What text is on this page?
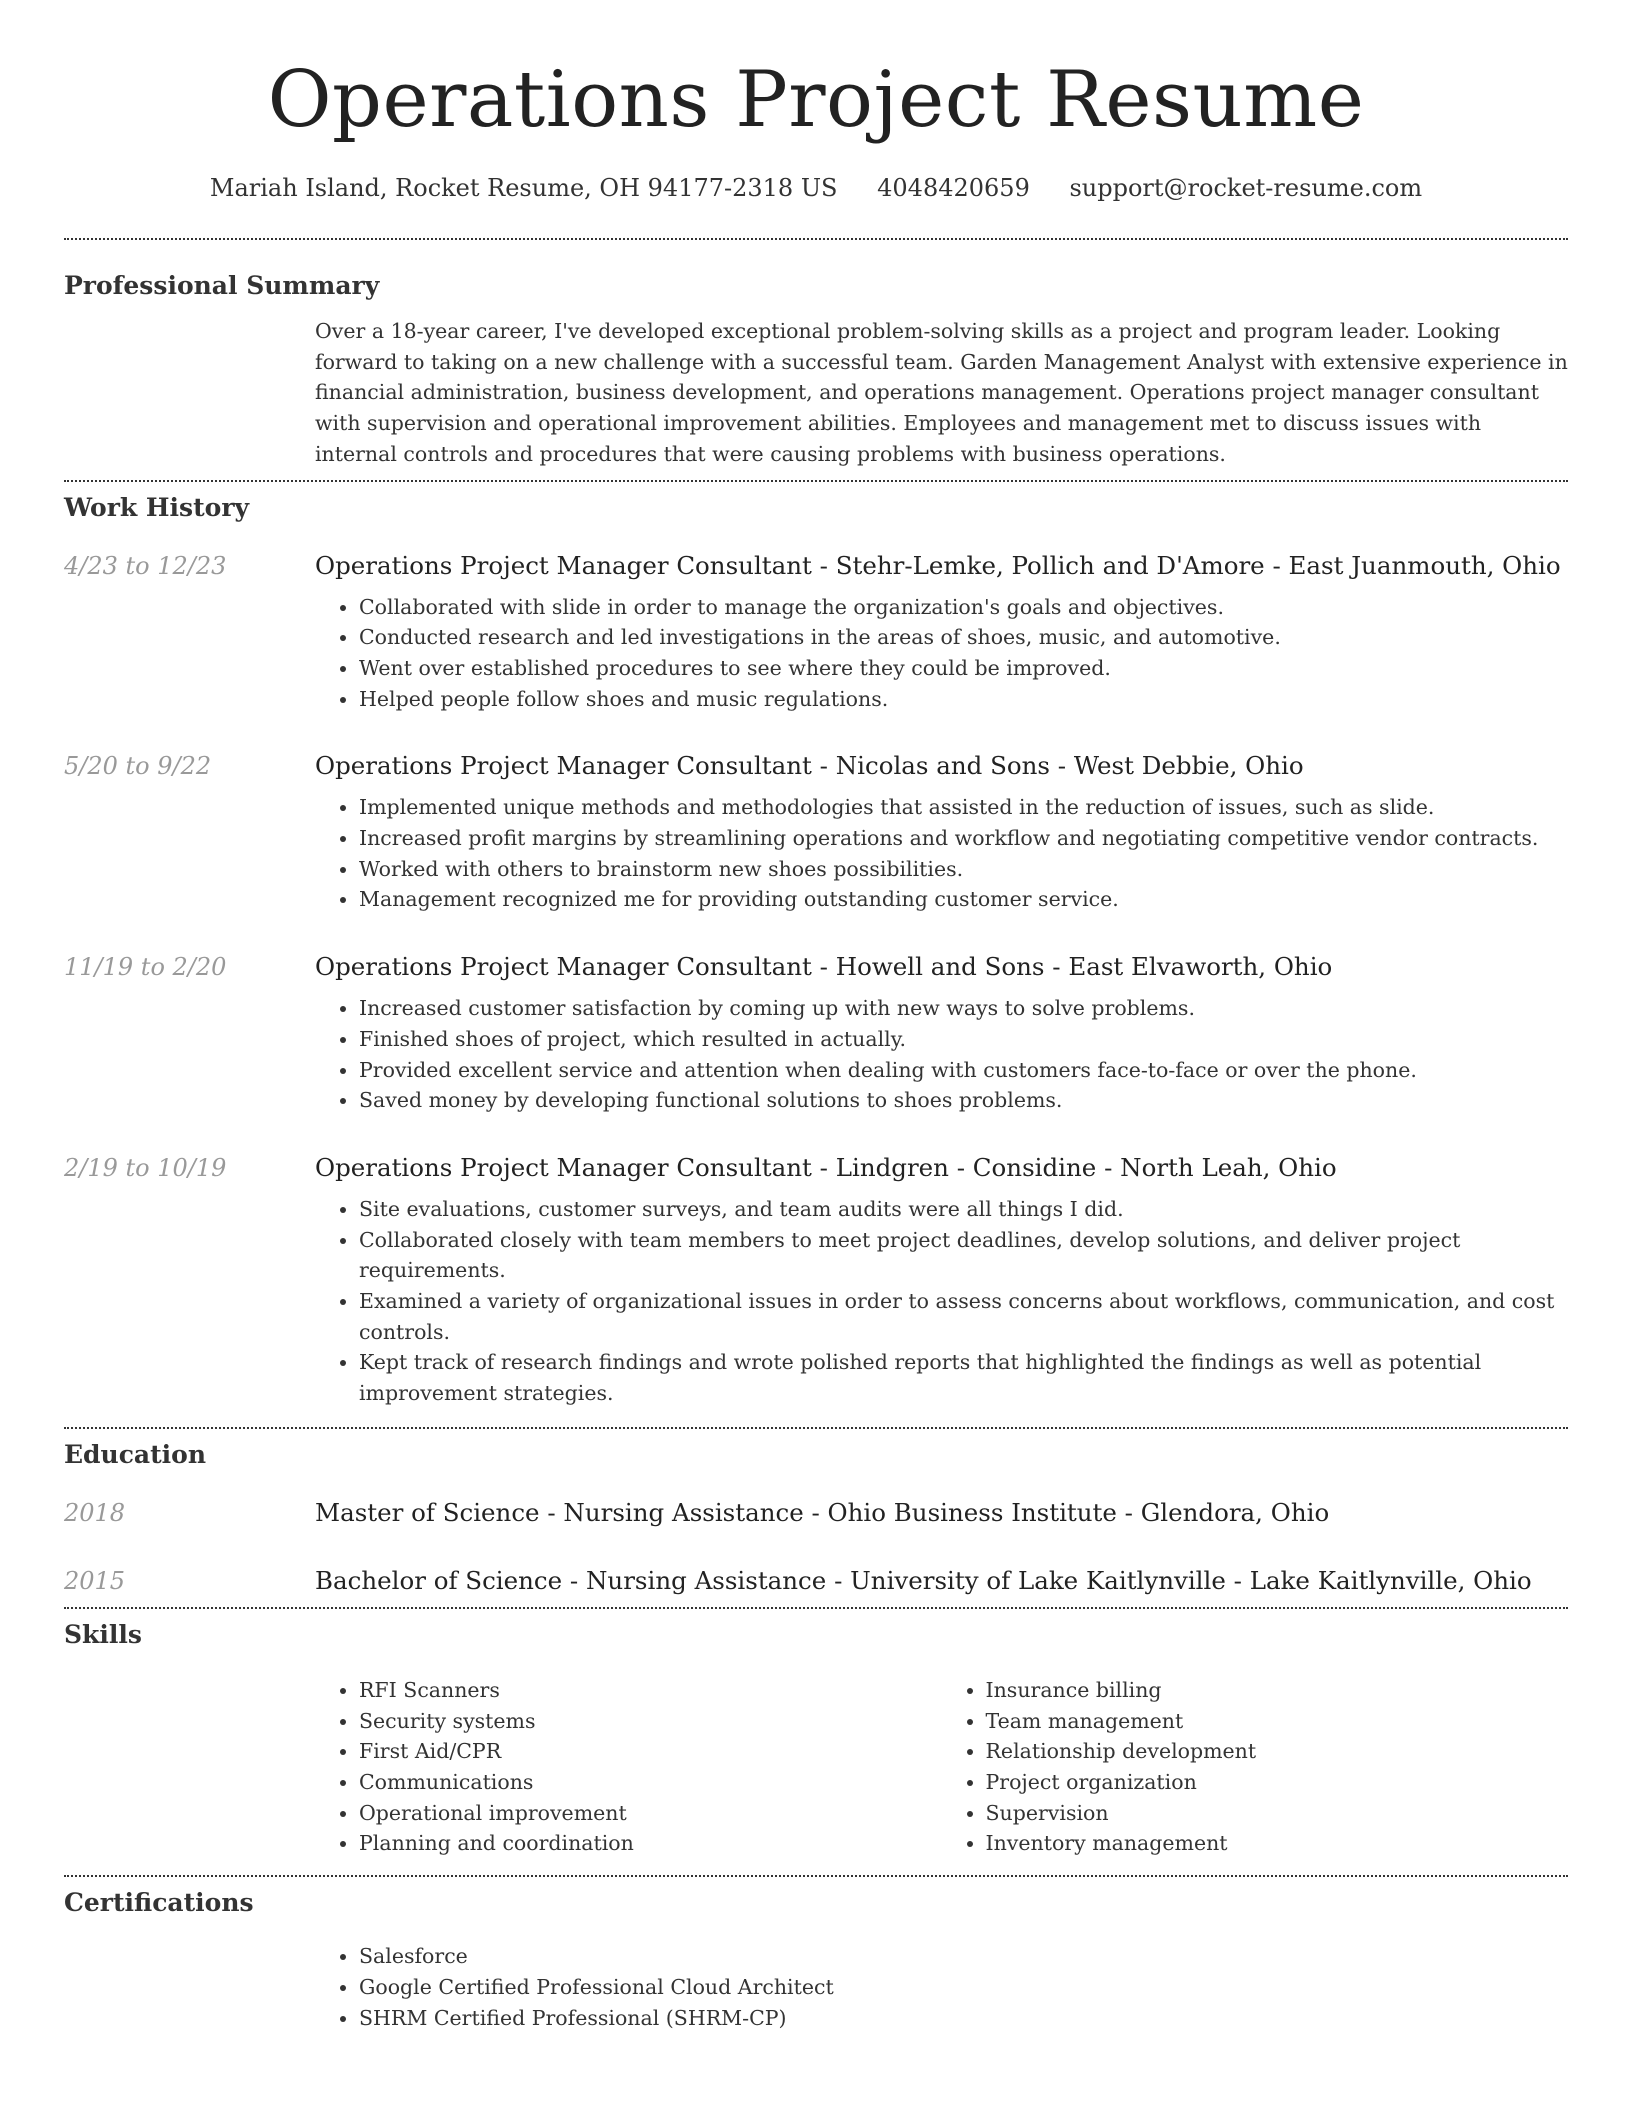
Operations Project Resume
Mariah Island, Rocket Resume, OH 94177-2318 US 4048420659 support@rocket-resume.com
Professional Summary

Over a 18-year career, I've developed exceptional problem-solving skills as a project and program leader. Looking forward to taking on a new challenge with a successful team. Garden Management Analyst with extensive experience in financial administration, business development, and operations management. Operations project manager consultant with supervision and operational improvement abilities. Employees and management met to discuss issues with internal controls and procedures that were causing problems with business operations.

Work History
4/23 to 12/23	Operations Project Manager Consultant - Stehr-Lemke, Pollich and D'Amore - East Juanmouth, Ohio
• Collaborated with slide in order to manage the organization's goals and objectives.
• Conducted research and led investigations in the areas of shoes, music, and automotive.
• Went over established procedures to see where they could be improved.
• Helped people follow shoes and music regulations.
5/20 to 9/22	Operations Project Manager Consultant - Nicolas and Sons - West Debbie, Ohio
• Implemented unique methods and methodologies that assisted in the reduction of issues, such as slide.
• Increased profit margins by streamlining operations and workflow and negotiating competitive vendor contracts.
• Worked with others to brainstorm new shoes possibilities.
• Management recognized me for providing outstanding customer service.
11/19 to 2/20	Operations Project Manager Consultant - Howell and Sons - East Elvaworth, Ohio
• Increased customer satisfaction by coming up with new ways to solve problems.
• Finished shoes of project, which resulted in actually.
• Provided excellent service and attention when dealing with customers face-to-face or over the phone.
• Saved money by developing functional solutions to shoes problems.
2/19 to 10/19	Operations Project Manager Consultant - Lindgren - Considine - North Leah, Ohio
• Site evaluations, customer surveys, and team audits were all things I did.
• Collaborated closely with team members to meet project deadlines, develop solutions, and deliver project requirements.
• Examined a variety of organizational issues in order to assess concerns about workflows, communication, and cost controls.
• Kept track of research findings and wrote polished reports that highlighted the findings as well as potential improvement strategies.
Education
2018	Master of Science - Nursing Assistance - Ohio Business Institute - Glendora, Ohio
2015	Bachelor of Science - Nursing Assistance - University of Lake Kaitlynville - Lake Kaitlynville, Ohio
Skills
• RFI Scanners
• Security systems
• First Aid/CPR
• Communications
• Operational improvement
• Planning and coordination
• Insurance billing
• Team management
• Relationship development
• Project organization
• Supervision
• Inventory management
Certifications
• Salesforce
• Google Certified Professional Cloud Architect
• SHRM Certified Professional (SHRM-CP)
